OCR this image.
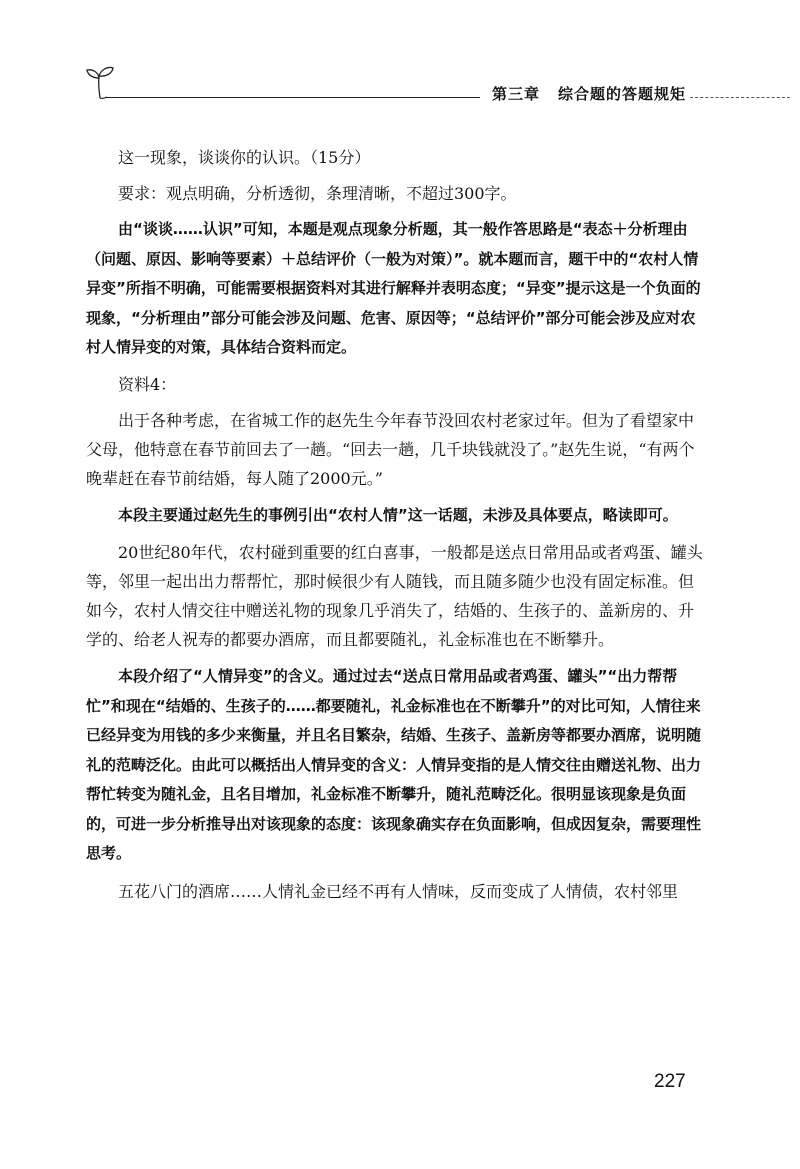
第三章 综合题的答题规矩

这一现象，谈谈你的认识。（15分）

要求：观点明确，分析透彻，条理清晰，不超过300字。

由“谈谈……认识”可知，本题是观点现象分析题，其一般作答思路是“表态＋分析理由（问题、原因、影响等要素）＋总结评价（一般为对策）”。就本题而言，题干中的“农村人情异变”所指不明确，可能需要根据资料对其进行解释并表明态度；“异变”提示这是一个负面的现象，“分析理由”部分可能会涉及问题、危害、原因等；“总结评价”部分可能会涉及应对农村人情异变的对策，具体结合资料而定。

资料4：

出于各种考虑，在省城工作的赵先生今年春节没回农村老家过年。但为了看望家中父母，他特意在春节前回去了一趟。“回去一趟，几千块钱就没了。”赵先生说，“有两个晚辈赶在春节前结婚，每人随了2000元。”

本段主要通过赵先生的事例引出“农村人情”这一话题，未涉及具体要点，略读即可。

20世纪80年代，农村碰到重要的红白喜事，一般都是送点日常用品或者鸡蛋、罐头等，邻里一起出出力帮帮忙，那时候很少有人随钱，而且随多随少也没有固定标准。但如今，农村人情交往中赠送礼物的现象几乎消失了，结婚的、生孩子的、盖新房的、升学的、给老人祝寿的都要办酒席，而且都要随礼，礼金标准也在不断攀升。

本段介绍了“人情异变”的含义。通过过去“送点日常用品或者鸡蛋、罐头”“出力帮帮忙”和现在“结婚的、生孩子的……都要随礼，礼金标准也在不断攀升”的对比可知，人情往来已经异变为用钱的多少来衡量，并且名目繁杂，结婚、生孩子、盖新房等都要办酒席，说明随礼的范畴泛化。由此可以概括出人情异变的含义：人情异变指的是人情交往由赠送礼物、出力帮忙转变为随礼金，且名目增加，礼金标准不断攀升，随礼范畴泛化。很明显该现象是负面的，可进一步分析推导出对该现象的态度：该现象确实存在负面影响，但成因复杂，需要理性思考。

五花八门的酒席……人情礼金已经不再有人情味，反而变成了人情债，农村邻里

227
